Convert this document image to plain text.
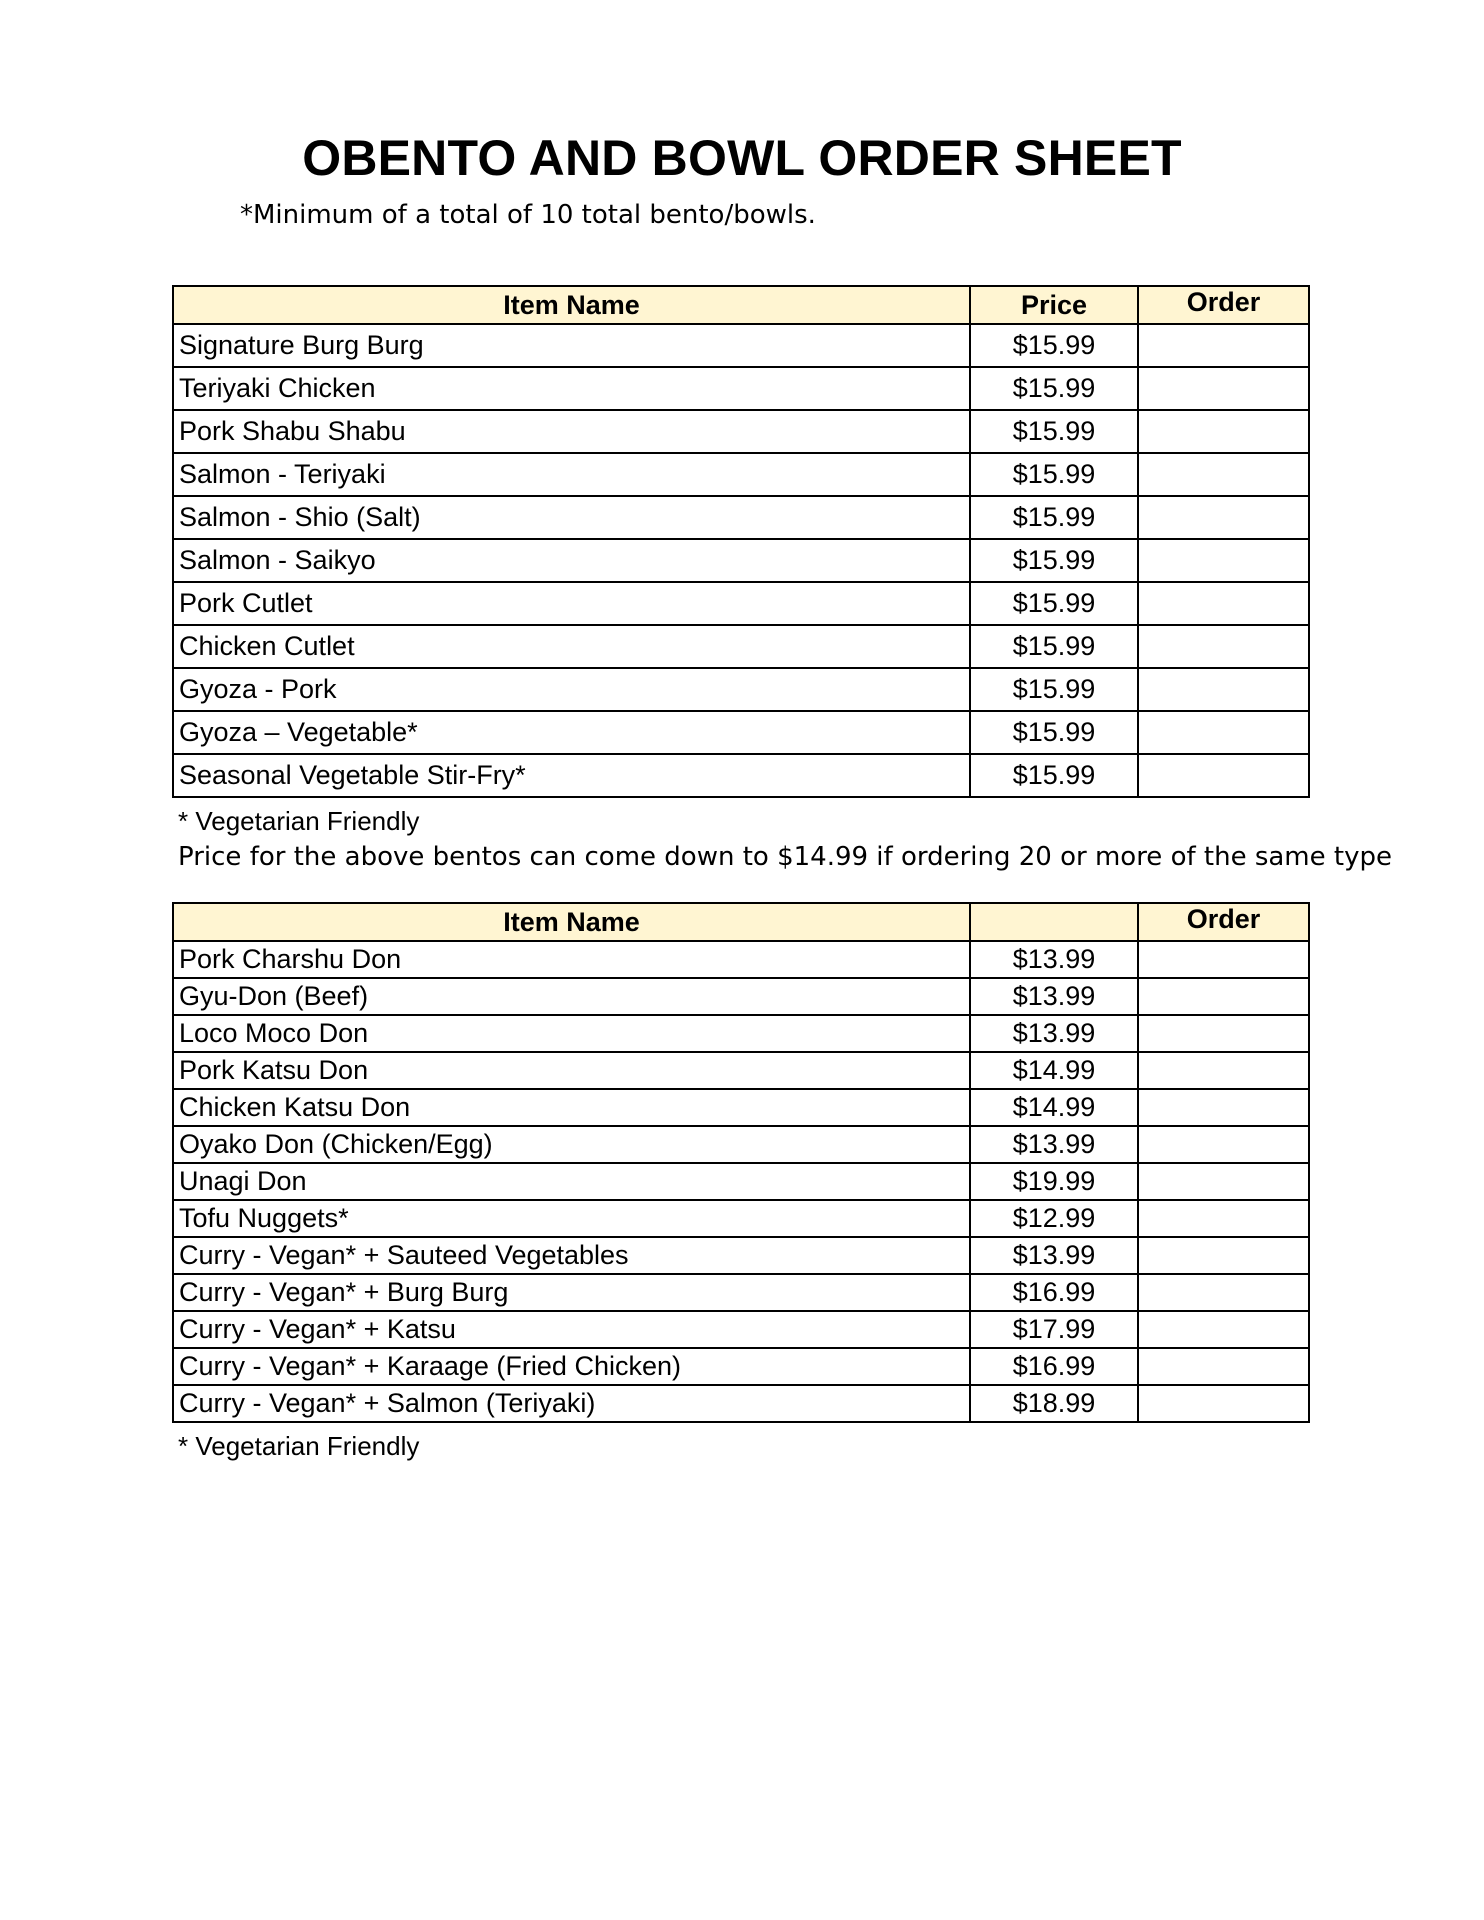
OBENTO AND BOWL ORDER SHEET
*Minimum of a total of 10 total bento/bowls.
Item Name	Price	Order
Signature Burg Burg	$15.99	
Teriyaki Chicken	$15.99	
Pork Shabu Shabu	$15.99	
Salmon - Teriyaki	$15.99	
Salmon - Shio (Salt)	$15.99	
Salmon - Saikyo	$15.99	
Pork Cutlet	$15.99	
Chicken Cutlet	$15.99	
Gyoza - Pork	$15.99	
Gyoza – Vegetable*	$15.99	
Seasonal Vegetable Stir-Fry*	$15.99	
* Vegetarian Friendly
Price for the above bentos can come down to $14.99 if ordering 20 or more of the same type
Item Name		Order
Pork Charshu Don	$13.99	
Gyu-Don (Beef)	$13.99	
Loco Moco Don	$13.99	
Pork Katsu Don	$14.99	
Chicken Katsu Don	$14.99	
Oyako Don (Chicken/Egg)	$13.99	
Unagi Don	$19.99	
Tofu Nuggets*	$12.99	
Curry - Vegan* + Sauteed Vegetables	$13.99	
Curry - Vegan* + Burg Burg	$16.99	
Curry - Vegan* + Katsu	$17.99	
Curry - Vegan* + Karaage (Fried Chicken)	$16.99	
Curry - Vegan* + Salmon (Teriyaki)	$18.99	
* Vegetarian Friendly
